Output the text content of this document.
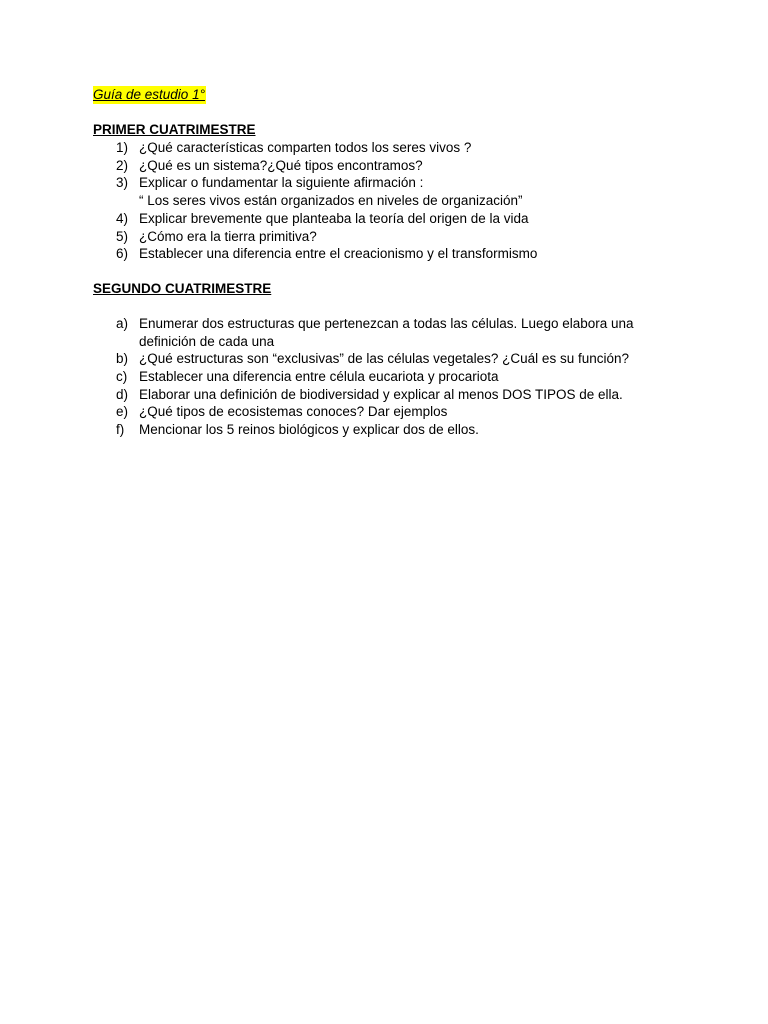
Guía de estudio 1°
PRIMER CUATRIMESTRE
1) ¿Qué características comparten todos los seres vivos ?
2) ¿Qué es un sistema?¿Qué tipos encontramos?
3) Explicar o fundamentar la siguiente afirmación :
“ Los seres vivos están organizados en niveles de organización”
4) Explicar brevemente que planteaba la teoría del origen de la vida
5) ¿Cómo era la tierra primitiva?
6) Establecer una diferencia entre el creacionismo y el transformismo
SEGUNDO CUATRIMESTRE
a) Enumerar dos estructuras que pertenezcan a todas las células. Luego elabora una definición de cada una
b) ¿Qué estructuras son “exclusivas” de las células vegetales? ¿Cuál es su función?
c) Establecer una diferencia entre célula eucariota y procariota
d) Elaborar una definición de biodiversidad y explicar al menos DOS TIPOS de ella.
e) ¿Qué tipos de ecosistemas conoces? Dar ejemplos
f) Mencionar los 5 reinos biológicos y explicar dos de ellos.
